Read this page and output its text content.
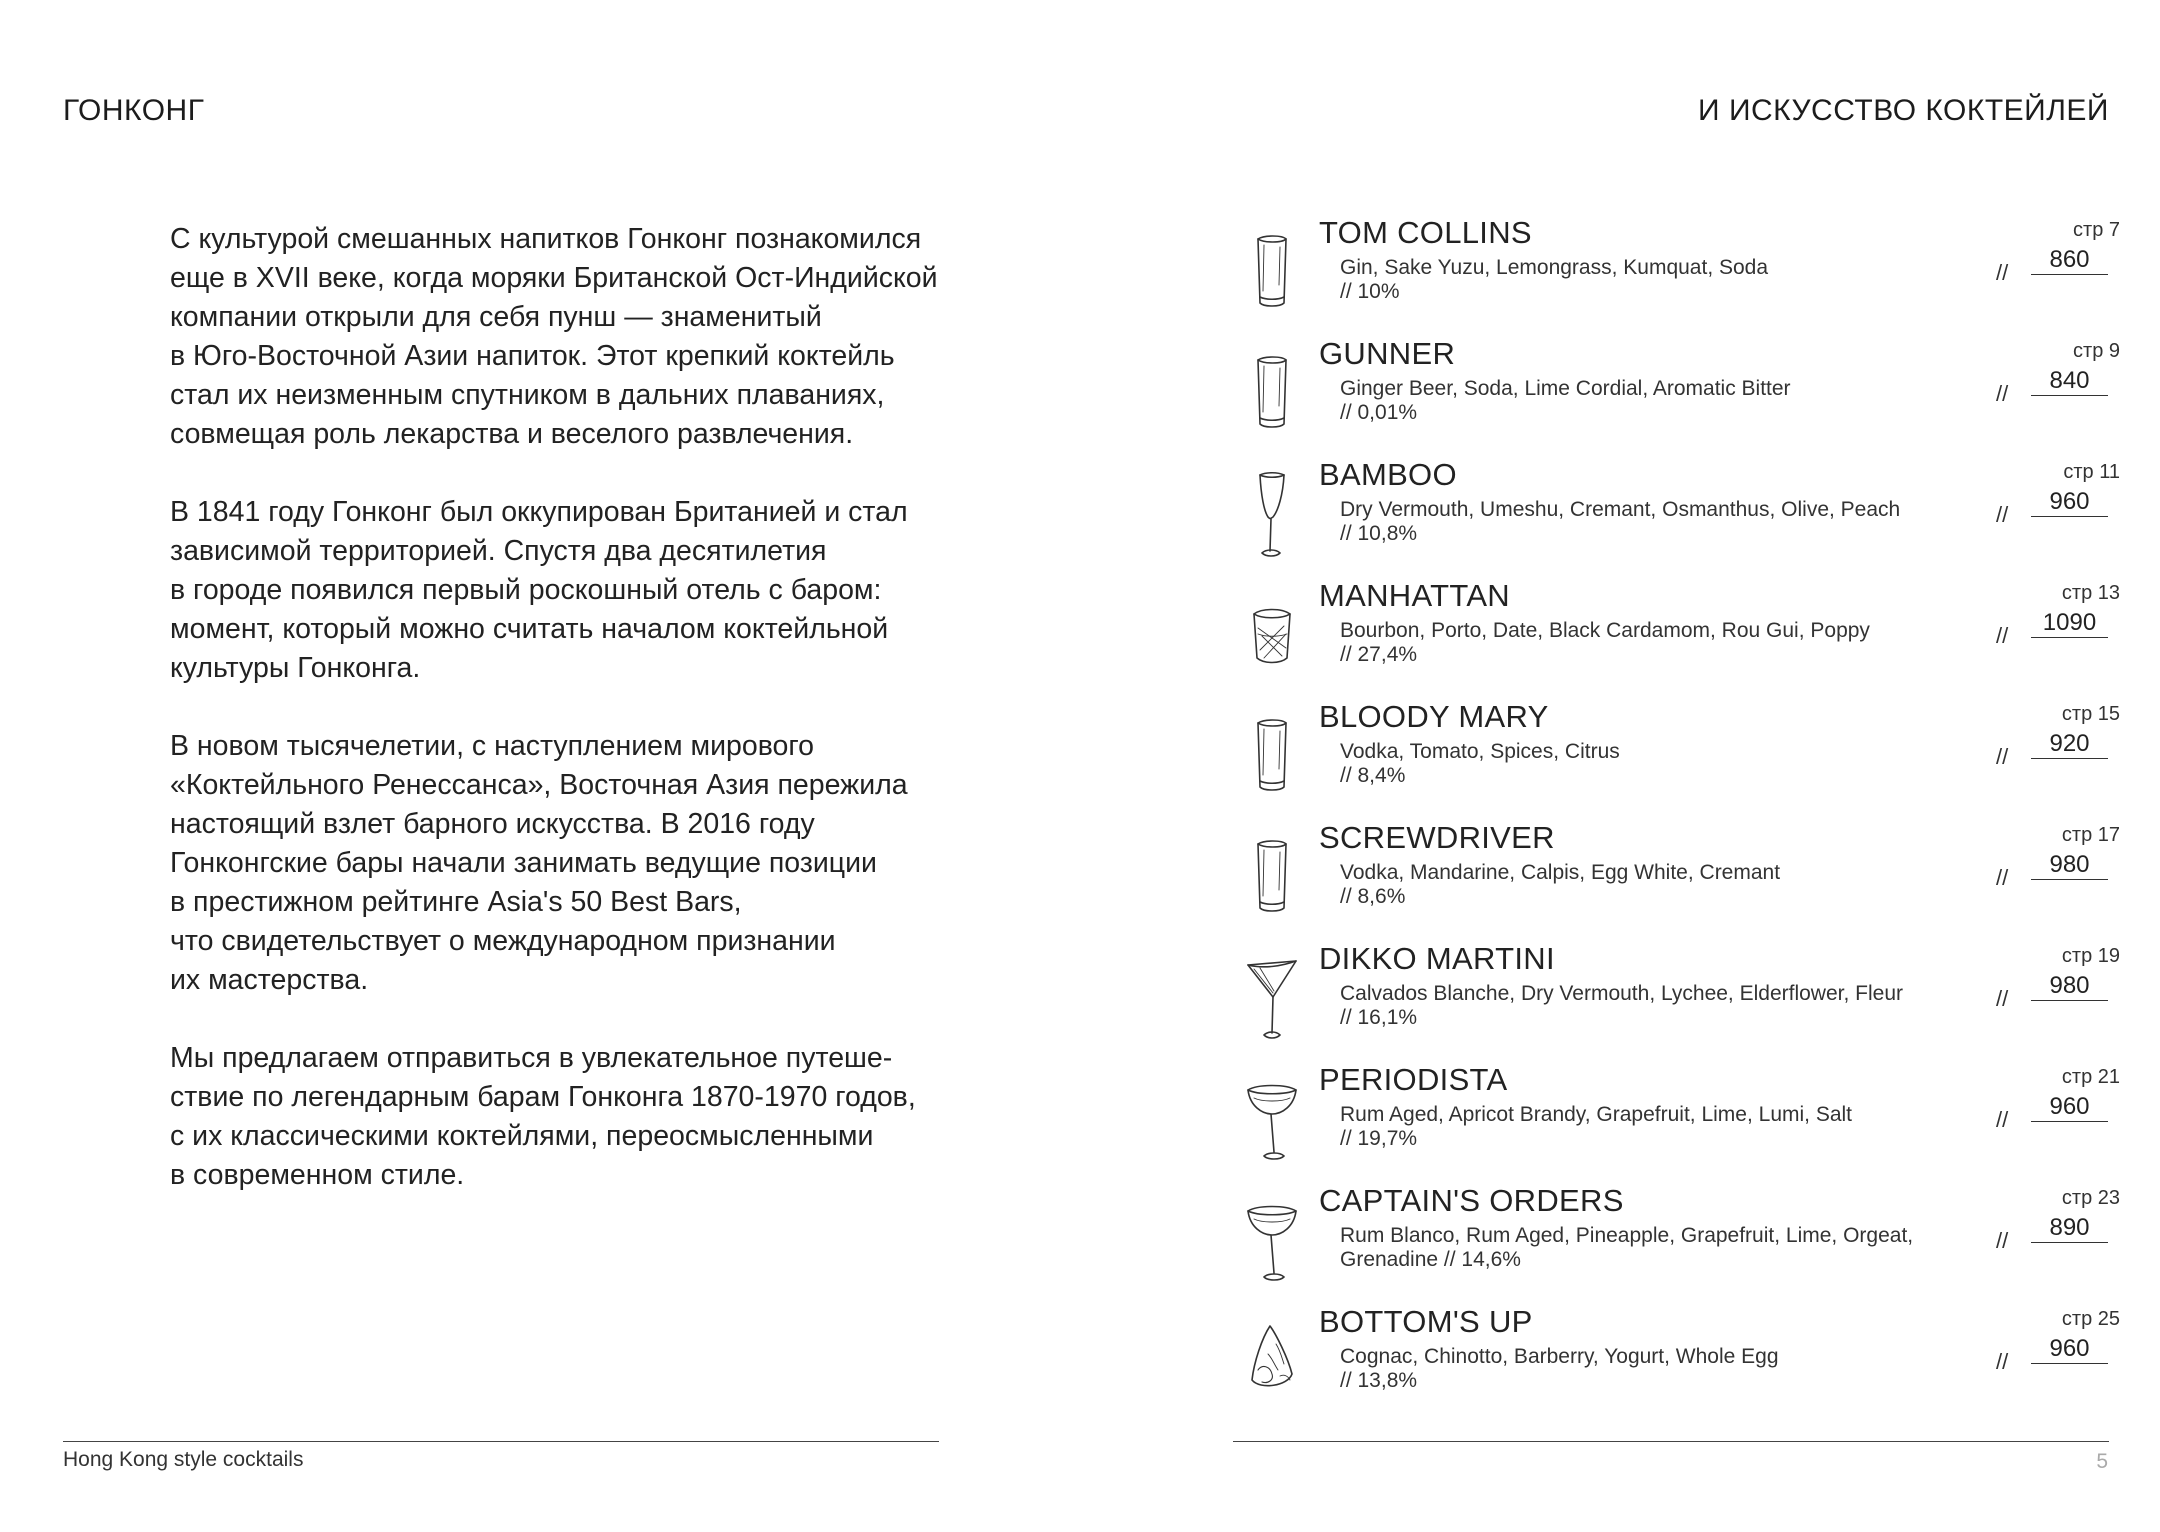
ГОНКОНГ	И ИСКУССТВО КОКТЕЙЛЕЙ

С культурой смешанных напитков Гонконг познакомился
еще в XVII веке, когда моряки Британской Ост-Индийской
компании открыли для себя пунш — знаменитый
в Юго-Восточной Азии напиток. Этот крепкий коктейль
стал их неизменным спутником в дальних плаваниях,
совмещая роль лекарства и веселого развлечения.

В 1841 году Гонконг был оккупирован Британией и стал
зависимой территорией. Спустя два десятилетия
в городе появился первый роскошный отель с баром:
момент, который можно считать началом коктейльной
культуры Гонконга.

В новом тысячелетии, с наступлением мирового
«Коктейльного Ренессанса», Восточная Азия пережила
настоящий взлет барного искусства. В 2016 году
Гонконгские бары начали занимать ведущие позиции
в престижном рейтинге Asia's 50 Best Bars,
что свидетельствует о международном признании
их мастерства.

Мы предлагаем отправиться в увлекательное путеше-
ствие по легендарным барам Гонконга 1870-1970 годов,
с их классическими коктейлями, переосмысленными
в современном стиле.

TOM COLLINS
Gin, Sake Yuzu, Lemongrass, Kumquat, Soda
// 10%
стр 7
//	860
GUNNER
Ginger Beer, Soda, Lime Cordial, Aromatic Bitter
// 0,01%
стр 9
//	840
BAMBOO
Dry Vermouth, Umeshu, Cremant, Osmanthus, Olive, Peach
// 10,8%
стр 11
//	960
MANHATTAN
Bourbon, Porto, Date, Black Cardamom, Rou Gui, Poppy
// 27,4%
стр 13
//	1090
BLOODY MARY
Vodka, Tomato, Spices, Citrus
// 8,4%
стр 15
//	920
SCREWDRIVER
Vodka, Mandarine, Calpis, Egg White, Cremant
// 8,6%
стр 17
//	980
DIKKO MARTINI
Calvados Blanche, Dry Vermouth, Lychee, Elderflower, Fleur
// 16,1%
стр 19
//	980
PERIODISTA
Rum Aged, Apricot Brandy, Grapefruit, Lime, Lumi, Salt
// 19,7%
стр 21
//	960
CAPTAIN'S ORDERS
Rum Blanco, Rum Aged, Pineapple, Grapefruit, Lime, Orgeat,
Grenadine // 14,6%
стр 23
//	890
BOTTOM'S UP
Cognac, Chinotto, Barberry, Yogurt, Whole Egg
// 13,8%
стр 25
//	960
Hong Kong style cocktails	5
